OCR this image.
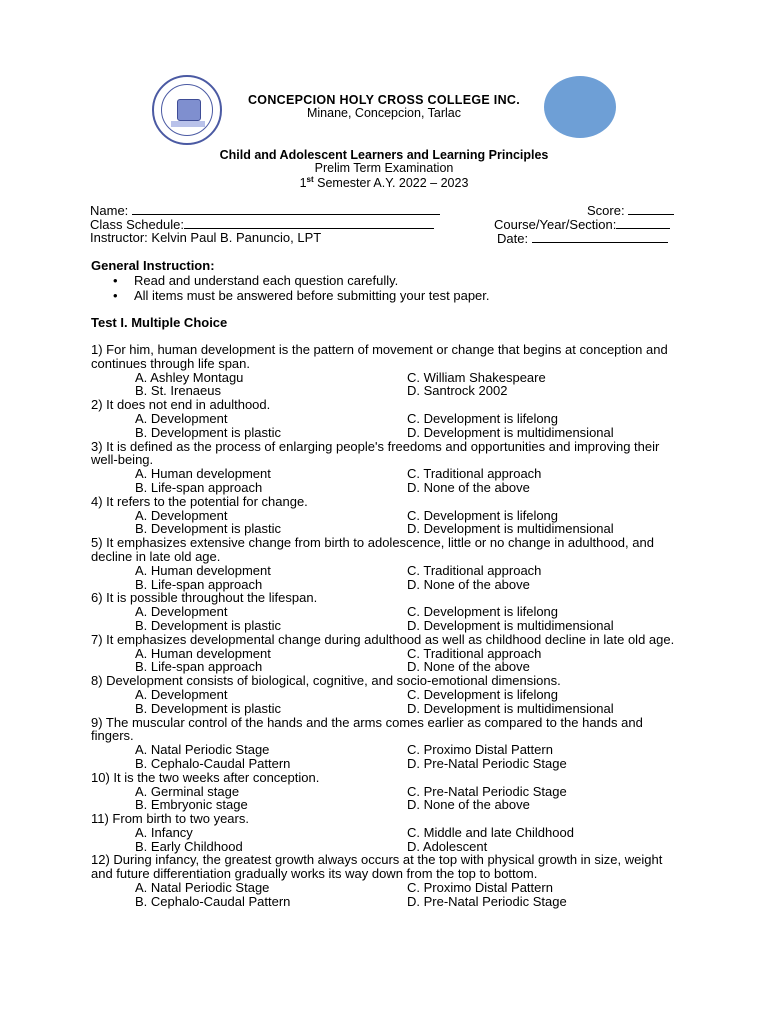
CONCEPCION HOLY CROSS COLLEGE INC.
Minane, Concepcion, Tarlac
Child and Adolescent Learners and Learning Principles
Prelim Term Examination
1st Semester A.Y. 2022 – 2023
Name:	Score:
Class Schedule:	Course/Year/Section:
Instructor: Kelvin Paul B. Panuncio, LPT	Date:
General Instruction:
• Read and understand each question carefully.
• All items must be answered before submitting your test paper.
Test I. Multiple Choice
1) For him, human development is the pattern of movement or change that begins at conception and continues through life span.
A. Ashley Montagu	C. William Shakespeare
B. St. Irenaeus	D. Santrock 2002
2) It does not end in adulthood.
A. Development	C. Development is lifelong
B. Development is plastic	D. Development is multidimensional
3) It is defined as the process of enlarging people's freedoms and opportunities and improving their well-being.
A. Human development	C. Traditional approach
B. Life-span approach	D. None of the above
4) It refers to the potential for change.
A. Development	C. Development is lifelong
B. Development is plastic	D. Development is multidimensional
5) It emphasizes extensive change from birth to adolescence, little or no change in adulthood, and decline in late old age.
A. Human development	C. Traditional approach
B. Life-span approach	D. None of the above
6) It is possible throughout the lifespan.
A. Development	C. Development is lifelong
B. Development is plastic	D. Development is multidimensional
7) It emphasizes developmental change during adulthood as well as childhood decline in late old age.
A. Human development	C. Traditional approach
B. Life-span approach	D. None of the above
8) Development consists of biological, cognitive, and socio-emotional dimensions.
A. Development	C. Development is lifelong
B. Development is plastic	D. Development is multidimensional
9) The muscular control of the hands and the arms comes earlier as compared to the hands and fingers.
A. Natal Periodic Stage	C. Proximo Distal Pattern
B. Cephalo-Caudal Pattern	D. Pre-Natal Periodic Stage
10) It is the two weeks after conception.
A. Germinal stage	C. Pre-Natal Periodic Stage
B. Embryonic stage	D. None of the above
11) From birth to two years.
A. Infancy	C. Middle and late Childhood
B. Early Childhood	D. Adolescent
12) During infancy, the greatest growth always occurs at the top with physical growth in size, weight and future differentiation gradually works its way down from the top to bottom.
A. Natal Periodic Stage	C. Proximo Distal Pattern
B. Cephalo-Caudal Pattern	D. Pre-Natal Periodic Stage
